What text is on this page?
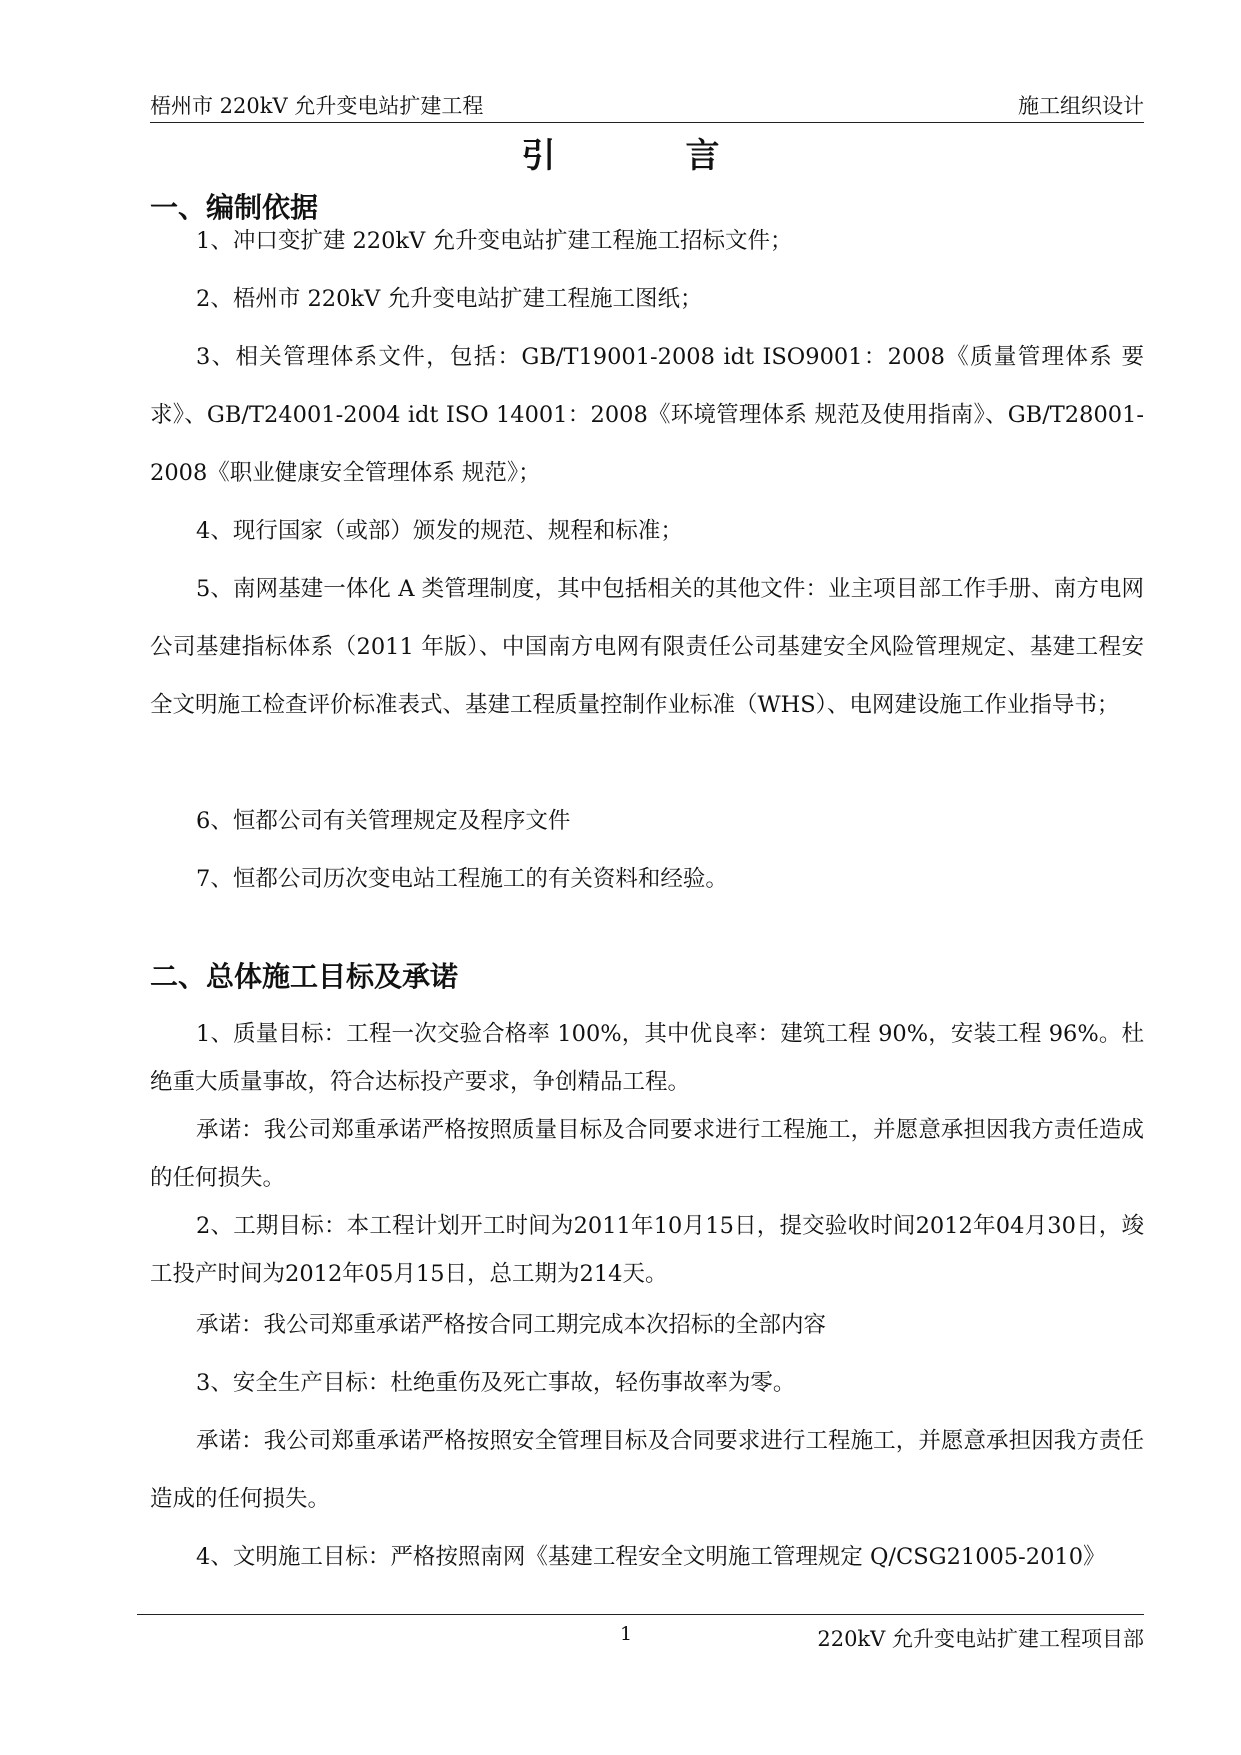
梧州市 220kV 允升变电站扩建工程	施工组织设计
引言
一、编制依据

1、冲口变扩建 220kV 允升变电站扩建工程施工招标文件；

2、梧州市 220kV 允升变电站扩建工程施工图纸；

3、相关管理体系文件，包括：GB/T19001-2008 idt ISO9001：2008《质量管理体系 要求》、GB/T24001-2004 idt ISO 14001：2008《环境管理体系 规范及使用指南》、GB/T28001-2008《职业健康安全管理体系 规范》；

4、现行国家（或部）颁发的规范、规程和标准；

5、南网基建一体化 A 类管理制度，其中包括相关的其他文件：业主项目部工作手册、南方电网公司基建指标体系（2011 年版）、中国南方电网有限责任公司基建安全风险管理规定、基建工程安全文明施工检查评价标准表式、基建工程质量控制作业标准（WHS）、电网建设施工作业指导书；

6、恒都公司有关管理规定及程序文件

7、恒都公司历次变电站工程施工的有关资料和经验。

二、总体施工目标及承诺

1、质量目标：工程一次交验合格率 100%，其中优良率：建筑工程 90%，安装工程 96%。杜绝重大质量事故，符合达标投产要求，争创精品工程。

承诺：我公司郑重承诺严格按照质量目标及合同要求进行工程施工，并愿意承担因我方责任造成的任何损失。

2、工期目标：本工程计划开工时间为2011年10月15日，提交验收时间2012年04月30日，竣工投产时间为2012年05月15日，总工期为214天。

承诺：我公司郑重承诺严格按合同工期完成本次招标的全部内容

3、安全生产目标：杜绝重伤及死亡事故，轻伤事故率为零。

承诺：我公司郑重承诺严格按照安全管理目标及合同要求进行工程施工，并愿意承担因我方责任造成的任何损失。

4、文明施工目标：严格按照南网《基建工程安全文明施工管理规定 Q/CSG21005-2010》

1	220kV 允升变电站扩建工程项目部
